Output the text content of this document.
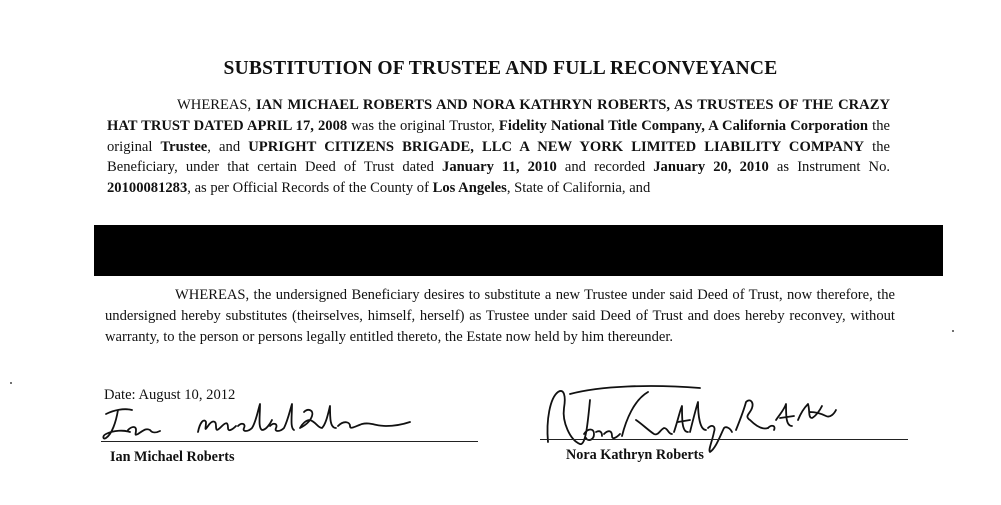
SUBSTITUTION OF TRUSTEE AND FULL RECONVEYANCE
WHEREAS, IAN MICHAEL ROBERTS AND NORA KATHRYN ROBERTS, AS TRUSTEES OF THE CRAZY HAT TRUST DATED APRIL 17, 2008 was the original Trustor, Fidelity National Title Company, A California Corporation the original Trustee, and UPRIGHT CITIZENS BRIGADE, LLC A NEW YORK LIMITED LIABILITY COMPANY the Beneficiary, under that certain Deed of Trust dated January 11, 2010 and recorded January 20, 2010 as Instrument No. 20100081283, as per Official Records of the County of Los Angeles, State of California, and
WHEREAS, the undersigned Beneficiary desires to substitute a new Trustee under said Deed of Trust, now therefore, the undersigned hereby substitutes (theirselves, himself, herself) as Trustee under said Deed of Trust and does hereby reconvey, without warranty, to the person or persons legally entitled thereto, the Estate now held by him thereunder.
Date: August 10, 2012
Ian Michael Roberts	Nora Kathryn Roberts
